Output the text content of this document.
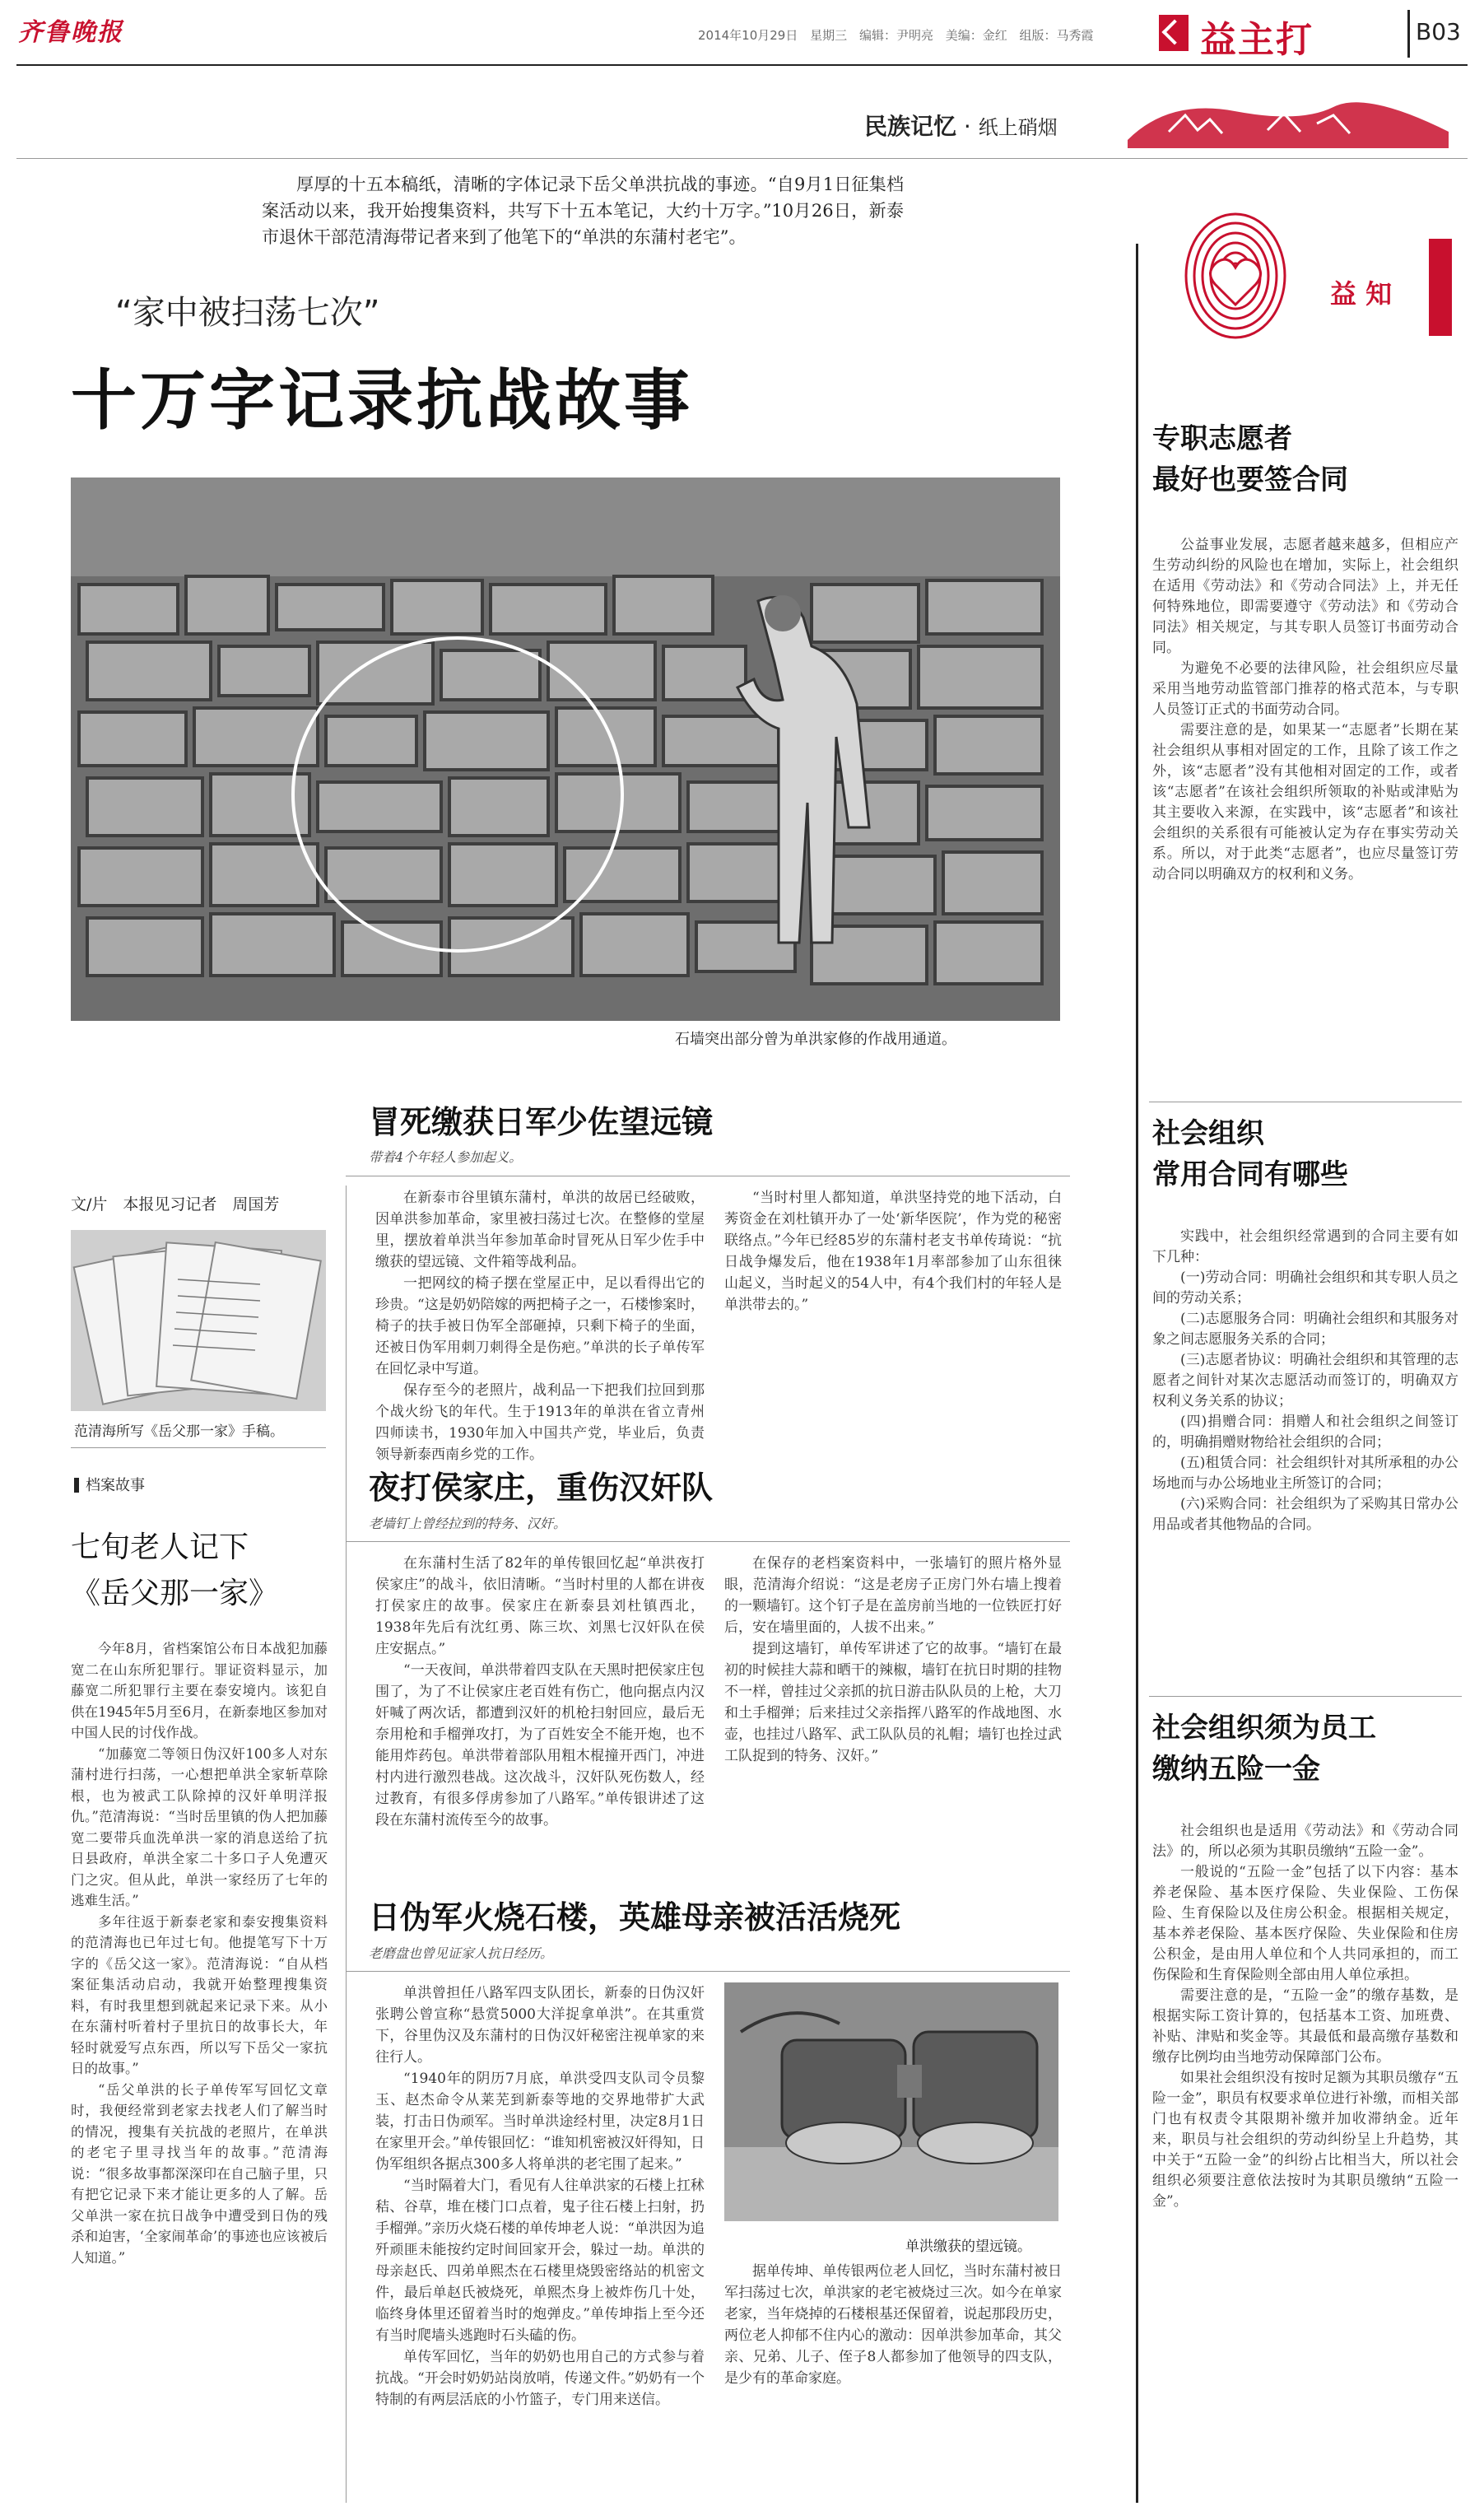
齐鲁晚报	2014年10月29日 星期三 编辑：尹明亮 美编：金红 组版：马秀霞	益主打	B03
民族记忆 · 纸上硝烟
厚厚的十五本稿纸，清晰的字体记录下岳父单洪抗战的事迹。“自9月1日征集档案活动以来，我开始搜集资料，共写下十五本笔记，大约十万字。”10月26日，新泰市退休干部范清海带记者来到了他笔下的“单洪的东蒲村老宅”。
“家中被扫荡七次”
十万字记录抗战故事
石墙突出部分曾为单洪家修的作战用通道。
文/片　本报见习记者　周国芳
范清海所写《岳父那一家》手稿。
档案故事
七旬老人记下
《岳父那一家》

今年8月，省档案馆公布日本战犯加藤宽二在山东所犯罪行。罪证资料显示，加藤宽二所犯罪行主要在泰安境内。该犯自供在1945年5月至6月，在新泰地区参加对中国人民的讨伐作战。

“加藤宽二等领日伪汉奸100多人对东蒲村进行扫荡，一心想把单洪全家斩草除根，也为被武工队除掉的汉奸单明洋报仇。”范清海说：“当时岳里镇的伪人把加藤宽二要带兵血洗单洪一家的消息送给了抗日县政府，单洪全家二十多口子人免遭灭门之灾。但从此，单洪一家经历了七年的逃难生活。”

多年往返于新泰老家和泰安搜集资料的范清海也已年过七旬。他提笔写下十万字的《岳父这一家》。范清海说：“自从档案征集活动启动，我就开始整理搜集资料，有时我里想到就起来记录下来。从小在东蒲村听着村子里抗日的故事长大，年轻时就爱写点东西，所以写下岳父一家抗日的故事。”

“岳父单洪的长子单传军写回忆文章时，我便经常到老家去找老人们了解当时的情况，搜集有关抗战的老照片，在单洪的老宅子里寻找当年的故事。”范清海说：“很多故事都深深印在自己脑子里，只有把它记录下来才能让更多的人了解。岳父单洪一家在抗日战争中遭受到日伪的残杀和迫害，‘全家闹革命’的事迹也应该被后人知道。”

冒死缴获日军少佐望远镜
带着4个年轻人参加起义。

在新泰市谷里镇东蒲村，单洪的故居已经破败，因单洪参加革命，家里被扫荡过七次。在整修的堂屋里，摆放着单洪当年参加革命时冒死从日军少佐手中缴获的望远镜、文件箱等战利品。

一把网纹的椅子摆在堂屋正中，足以看得出它的珍贵。“这是奶奶陪嫁的两把椅子之一，石楼惨案时，椅子的扶手被日伪军全部砸掉，只剩下椅子的坐面，还被日伪军用刺刀刺得全是伤疤。”单洪的长子单传军在回忆录中写道。

保存至今的老照片，战利品一下把我们拉回到那个战火纷飞的年代。生于1913年的单洪在省立青州四师读书，1930年加入中国共产党，毕业后，负责领导新泰西南乡党的工作。

“当时村里人都知道，单洪坚持党的地下活动，白莠资金在刘杜镇开办了一处‘新华医院’，作为党的秘密联络点。”今年已经85岁的东蒲村老支书单传琦说：“抗日战争爆发后，他在1938年1月率部参加了山东徂徕山起义，当时起义的54人中，有4个我们村的年轻人是单洪带去的。”

夜打侯家庄，重伤汉奸队
老墙钉上曾经拉到的特务、汉奸。

在东蒲村生活了82年的单传银回忆起“单洪夜打侯家庄”的战斗，依旧清晰。“当时村里的人都在讲夜打侯家庄的故事。侯家庄在新泰县刘杜镇西北，1938年先后有沈红勇、陈三坎、刘黑七汉奸队在侯庄安据点。”

“一天夜间，单洪带着四支队在天黑时把侯家庄包围了，为了不让侯家庄老百姓有伤亡，他向据点内汉奸喊了两次话，都遭到汉奸的机枪扫射回应，最后无奈用枪和手榴弹攻打，为了百姓安全不能开炮，也不能用炸药包。单洪带着部队用粗木棍撞开西门，冲进村内进行激烈巷战。这次战斗，汉奸队死伤数人，经过教育，有很多俘虏参加了八路军。”单传银讲述了这段在东蒲村流传至今的故事。

在保存的老档案资料中，一张墙钉的照片格外显眼，范清海介绍说：“这是老房子正房门外右墙上搜着的一颗墙钉。这个钉子是在盖房前当地的一位铁匠打好后，安在墙里面的，人拔不出来。”

提到这墙钉，单传军讲述了它的故事。“墙钉在最初的时候挂大蒜和晒干的辣椒，墙钉在抗日时期的挂物不一样，曾挂过父亲抓的抗日游击队队员的上枪，大刀和土手榴弹；后来挂过父亲指挥八路军的作战地图、水壶，也挂过八路军、武工队队员的礼帽；墙钉也拴过武工队捉到的特务、汉奸。”

日伪军火烧石楼，英雄母亲被活活烧死
老磨盘也曾见证家人抗日经历。

单洪曾担任八路军四支队团长，新泰的日伪汉奸张聘公曾宣称“悬赏5000大洋捉拿单洪”。在其重赏下，谷里伪汉及东蒲村的日伪汉奸秘密注视单家的来往行人。

“1940年的阴历7月底，单洪受四支队司令员黎玉、赵杰命令从莱芜到新泰等地的交界地带扩大武装，打击日伪顽军。当时单洪途经村里，决定8月1日在家里开会。”单传银回忆：“谁知机密被汉奸得知，日伪军组织各据点300多人将单洪的老宅围了起来。”

“当时隔着大门，看见有人往单洪家的石楼上扛秫秸、谷草，堆在楼门口点着，鬼子往石楼上扫射，扔手榴弹。”亲历火烧石楼的单传坤老人说：“单洪因为追歼顽匪未能按约定时间回家开会，躲过一劫。单洪的母亲赵氏、四弟单熙杰在石楼里烧毁密络站的机密文件，最后单赵氏被烧死，单熙杰身上被炸伤几十处，临终身体里还留着当时的炮弹皮。”单传坤指上至今还有当时爬墙头逃跑时石头磕的伤。

单传军回忆，当年的奶奶也用自己的方式参与着抗战。“开会时奶奶站岗放哨，传递文件。”奶奶有一个特制的有两层活底的小竹篮子，专门用来送信。

单洪缴获的望远镜。

据单传坤、单传银两位老人回忆，当时东蒲村被日军扫荡过七次，单洪家的老宅被烧过三次。如今在单家老家，当年烧掉的石楼根基还保留着，说起那段历史，两位老人抑郁不住内心的激动：因单洪参加革命，其父亲、兄弟、儿子、侄子8人都参加了他领导的四支队，是少有的革命家庭。

益 知
专职志愿者
最好也要签合同

公益事业发展，志愿者越来越多，但相应产生劳动纠纷的风险也在增加，实际上，社会组织在适用《劳动法》和《劳动合同法》上，并无任何特殊地位，即需要遵守《劳动法》和《劳动合同法》相关规定，与其专职人员签订书面劳动合同。

为避免不必要的法律风险，社会组织应尽量采用当地劳动监管部门推荐的格式范本，与专职人员签订正式的书面劳动合同。

需要注意的是，如果某一“志愿者”长期在某社会组织从事相对固定的工作，且除了该工作之外，该“志愿者”没有其他相对固定的工作，或者该“志愿者”在该社会组织所领取的补贴或津贴为其主要收入来源，在实践中，该“志愿者”和该社会组织的关系很有可能被认定为存在事实劳动关系。所以，对于此类“志愿者”，也应尽量签订劳动合同以明确双方的权利和义务。

社会组织
常用合同有哪些

实践中，社会组织经常遇到的合同主要有如下几种：

(一)劳动合同：明确社会组织和其专职人员之间的劳动关系；

(二)志愿服务合同：明确社会组织和其服务对象之间志愿服务关系的合同；

(三)志愿者协议：明确社会组织和其管理的志愿者之间针对某次志愿活动而签订的，明确双方权利义务关系的协议；

(四)捐赠合同：捐赠人和社会组织之间签订的，明确捐赠财物给社会组织的合同；

(五)租赁合同：社会组织针对其所承租的办公场地而与办公场地业主所签订的合同；

(六)采购合同：社会组织为了采购其日常办公用品或者其他物品的合同。

社会组织须为员工
缴纳五险一金

社会组织也是适用《劳动法》和《劳动合同法》的，所以必须为其职员缴纳“五险一金”。

一般说的“五险一金”包括了以下内容：基本养老保险、基本医疗保险、失业保险、工伤保险、生育保险以及住房公积金。根据相关规定，基本养老保险、基本医疗保险、失业保险和住房公积金，是由用人单位和个人共同承担的，而工伤保险和生育保险则全部由用人单位承担。

需要注意的是，“五险一金”的缴存基数，是根据实际工资计算的，包括基本工资、加班费、补贴、津贴和奖金等。其最低和最高缴存基数和缴存比例均由当地劳动保障部门公布。

如果社会组织没有按时足额为其职员缴存“五险一金”，职员有权要求单位进行补缴，而相关部门也有权责令其限期补缴并加收滞纳金。近年来，职员与社会组织的劳动纠纷呈上升趋势，其中关于“五险一金”的纠纷占比相当大，所以社会组织必须要注意依法按时为其职员缴纳“五险一金”。
